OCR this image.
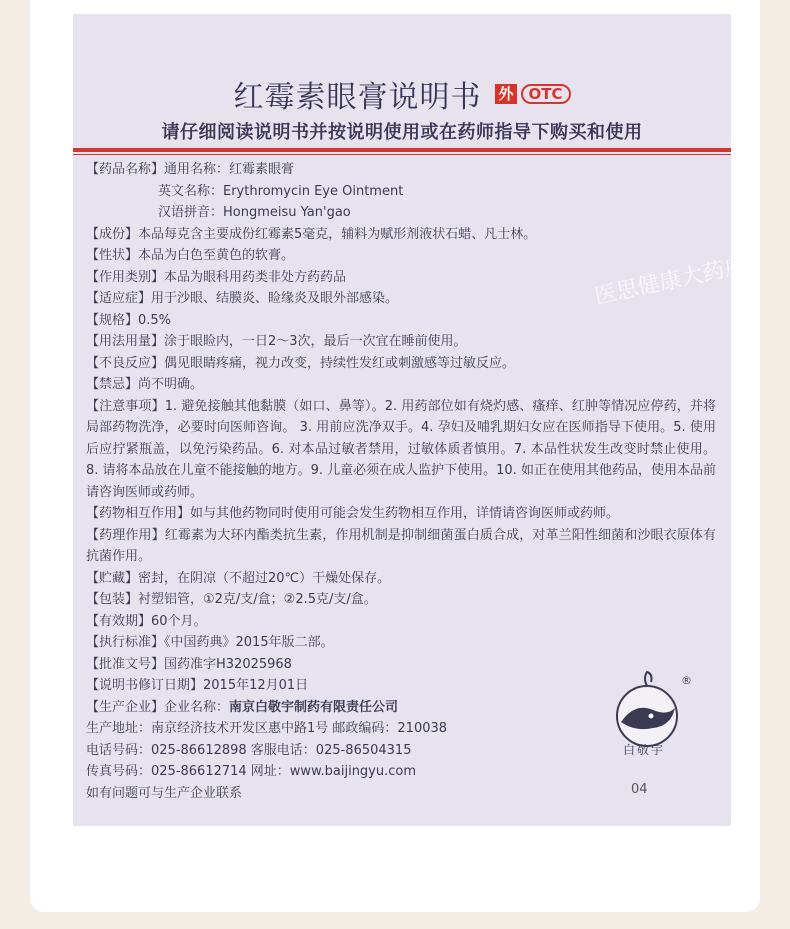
红霉素眼膏说明书 外	OTC
请仔细阅读说明书并按说明使用或在药师指导下购买和使用
医思健康大药房
【药品名称】通用名称：红霉素眼膏
英文名称：Erythromycin Eye Ointment
汉语拼音：Hongmeisu Yan'gao
【成份】本品每克含主要成份红霉素5毫克，辅料为赋形剂液状石蜡、凡士林。
【性状】本品为白色至黄色的软膏。
【作用类别】本品为眼科用药类非处方药药品
【适应症】用于沙眼、结膜炎、睑缘炎及眼外部感染。
【规格】0.5%
【用法用量】涂于眼睑内，一日2～3次，最后一次宜在睡前使用。
【不良反应】偶见眼睛疼痛，视力改变，持续性发红或刺激感等过敏反应。
【禁忌】尚不明确。
【注意事项】1. 避免接触其他黏膜（如口、鼻等）。2. 用药部位如有烧灼感、瘙痒、红肿等情况应停药，并将局部药物洗净，必要时向医师咨询。 3. 用前应洗净双手。4. 孕妇及哺乳期妇女应在医师指导下使用。5. 使用后应拧紧瓶盖，以免污染药品。6. 对本品过敏者禁用，过敏体质者慎用。7. 本品性状发生改变时禁止使用。8. 请将本品放在儿童不能接触的地方。9. 儿童必须在成人监护下使用。10. 如正在使用其他药品，使用本品前请咨询医师或药师。
【药物相互作用】如与其他药物同时使用可能会发生药物相互作用，详情请咨询医师或药师。
【药理作用】红霉素为大环内酯类抗生素，作用机制是抑制细菌蛋白质合成，对革兰阳性细菌和沙眼衣原体有抗菌作用。
【贮藏】密封，在阴凉（不超过20℃）干燥处保存。
【包装】衬塑铝管，①2克/支/盒；②2.5克/支/盒。
【有效期】60个月。
【执行标准】《中国药典》2015年版二部。
【批准文号】国药准字H32025968
【说明书修订日期】2015年12月01日
【生产企业】企业名称：南京白敬宇制药有限责任公司
生产地址：南京经济技术开发区惠中路1号 邮政编码：210038
电话号码：025-86612898 客服电话：025-86504315
传真号码：025-86612714 网址：www.baijingyu.com
如有问题可与生产企业联系
®
白敬宇
04
